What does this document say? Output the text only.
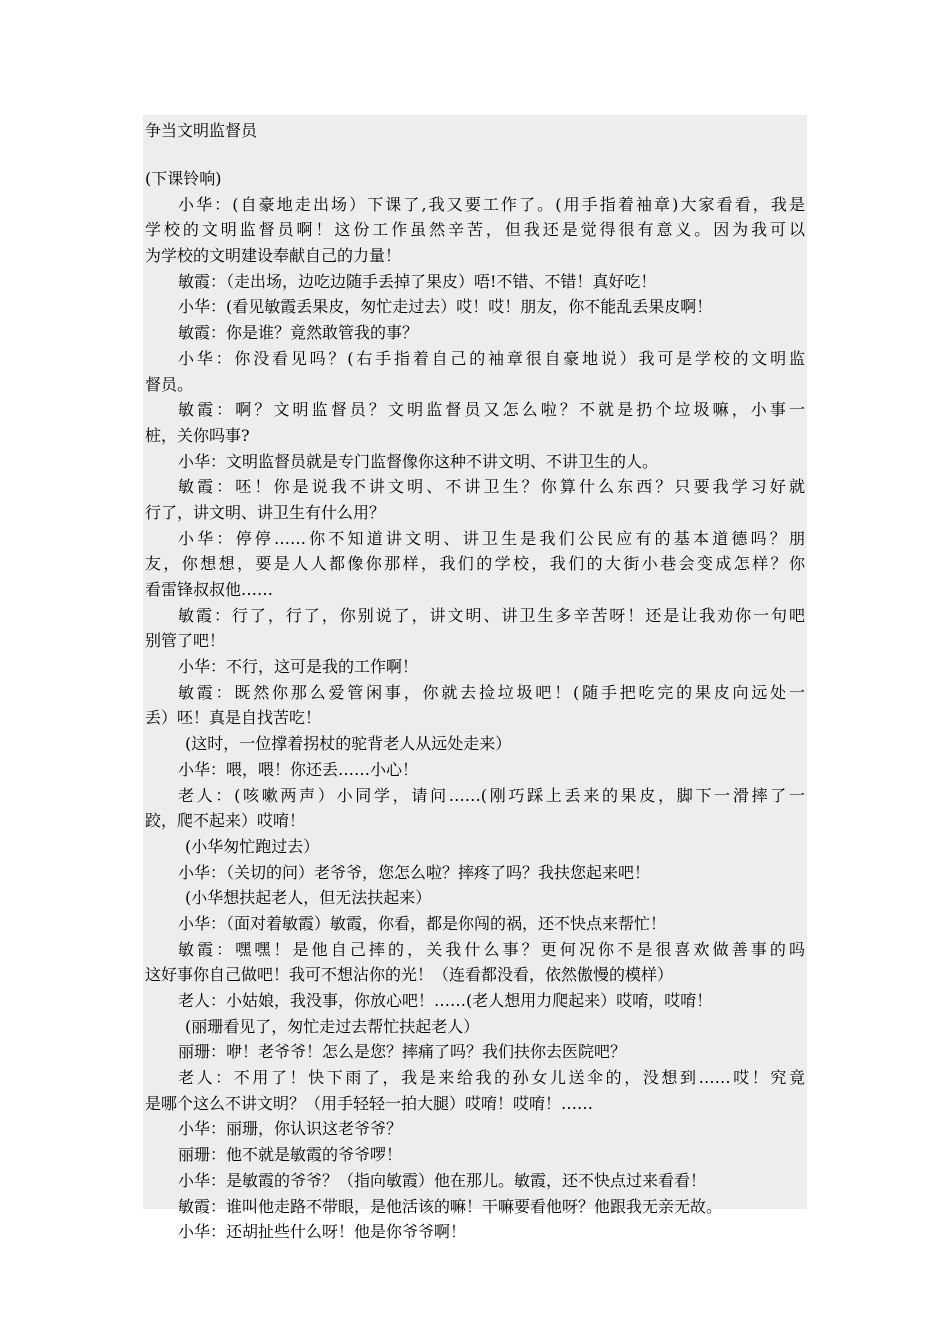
争当文明监督员

(下课铃响)

小华：(自豪地走出场）下课了,我又要工作了。(用手指着袖章)大家看看，我是

学校的文明监督员啊！这份工作虽然辛苦，但我还是觉得很有意义。因为我可以

为学校的文明建设奉献自己的力量！

敏霞：（走出场，边吃边随手丢掉了果皮）唔!不错、不错！真好吃！

小华：(看见敏霞丢果皮，匆忙走过去）哎！哎！朋友，你不能乱丢果皮啊！

敏霞：你是谁？竟然敢管我的事？

小华：你没看见吗？(右手指着自己的袖章很自豪地说）我可是学校的文明监

督员。

敏霞：啊？文明监督员？文明监督员又怎么啦？不就是扔个垃圾嘛，小事一

桩，关你吗事?

小华：文明监督员就是专门监督像你这种不讲文明、不讲卫生的人。

敏霞：呸！你是说我不讲文明、不讲卫生？你算什么东西？只要我学习好就

行了，讲文明、讲卫生有什么用？

小华：停停……你不知道讲文明、讲卫生是我们公民应有的基本道德吗？朋

友，你想想，要是人人都像你那样，我们的学校，我们的大街小巷会变成怎样？你

看雷锋叔叔他……

敏霞：行了，行了，你别说了，讲文明、讲卫生多辛苦呀！还是让我劝你一句吧

别管了吧！

小华：不行，这可是我的工作啊！

敏霞：既然你那么爱管闲事，你就去捡垃圾吧！(随手把吃完的果皮向远处一

丢）呸！真是自找苦吃！

(这时，一位撑着拐杖的驼背老人从远处走来）

小华：喂，喂！你还丢……小心！

老人：(咳嗽两声）小同学，请问……(刚巧踩上丢来的果皮，脚下一滑摔了一

跤，爬不起来）哎唷！

(小华匆忙跑过去）

小华：（关切的问）老爷爷，您怎么啦？摔疼了吗？我扶您起来吧！

(小华想扶起老人，但无法扶起来）

小华：（面对着敏霞）敏霞，你看，都是你闯的祸，还不快点来帮忙！

敏霞：嘿嘿！是他自己摔的，关我什么事？更何况你不是很喜欢做善事的吗

这好事你自己做吧！我可不想沾你的光！（连看都没看，依然傲慢的模样）

老人：小姑娘，我没事，你放心吧！……(老人想用力爬起来）哎唷，哎唷！

(丽珊看见了，匆忙走过去帮忙扶起老人）

丽珊：咿！老爷爷！怎么是您？摔痛了吗？我们扶你去医院吧？

老人：不用了！快下雨了，我是来给我的孙女儿送伞的，没想到……哎！究竟

是哪个这么不讲文明？（用手轻轻一拍大腿）哎唷！哎唷！……

小华：丽珊，你认识这老爷爷？

丽珊：他不就是敏霞的爷爷啰！

小华：是敏霞的爷爷？（指向敏霞）他在那儿。敏霞，还不快点过来看看！

敏霞：谁叫他走路不带眼，是他活该的嘛！干嘛要看他呀？他跟我无亲无故。

小华：还胡扯些什么呀！他是你爷爷啊！
